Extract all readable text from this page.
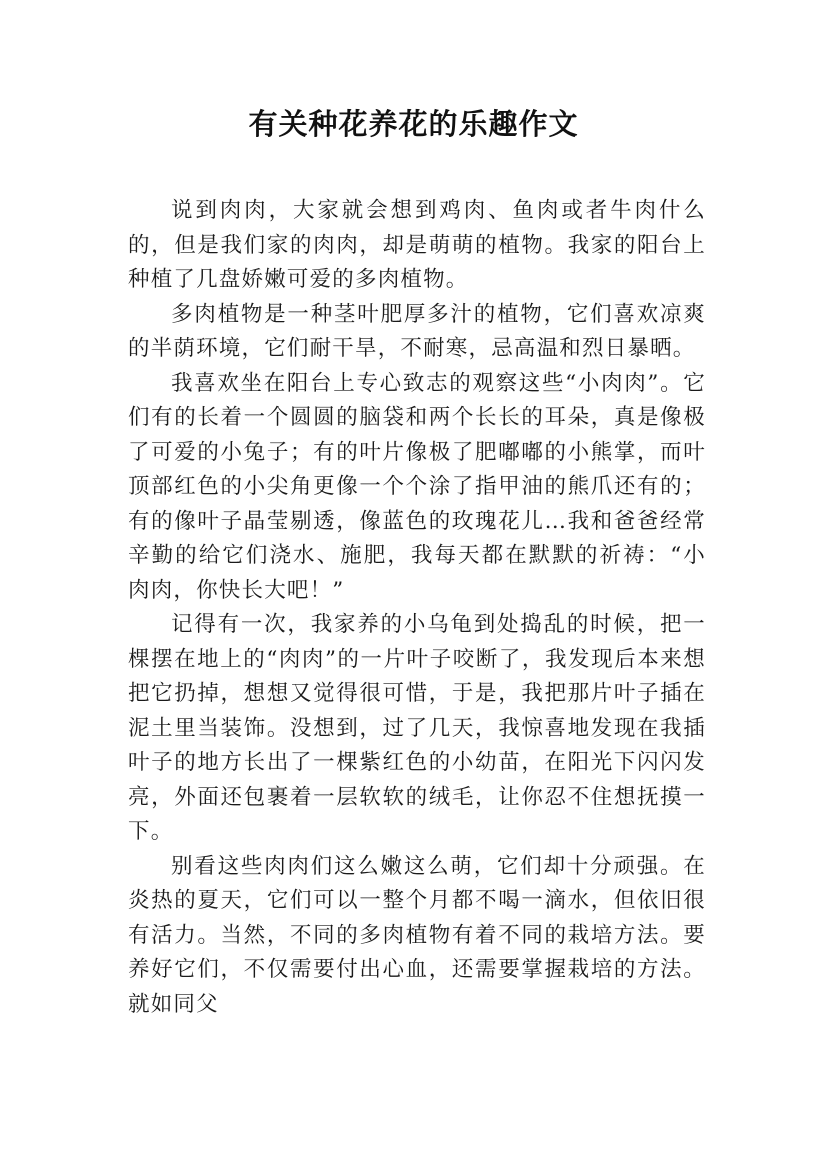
有关种花养花的乐趣作文

说到肉肉，大家就会想到鸡肉、鱼肉或者牛肉什么的，但是我们家的肉肉，却是萌萌的植物。我家的阳台上种植了几盘娇嫩可爱的多肉植物。

多肉植物是一种茎叶肥厚多汁的植物，它们喜欢凉爽的半荫环境，它们耐干旱，不耐寒，忌高温和烈日暴晒。

我喜欢坐在阳台上专心致志的观察这些“小肉肉”。它们有的长着一个圆圆的脑袋和两个长长的耳朵，真是像极了可爱的小兔子；有的叶片像极了肥嘟嘟的小熊掌，而叶顶部红色的小尖角更像一个个涂了指甲油的熊爪还有的；有的像叶子晶莹剔透，像蓝色的玫瑰花儿…我和爸爸经常辛勤的给它们浇水、施肥，我每天都在默默的祈祷：“小肉肉，你快长大吧！”

记得有一次，我家养的小乌龟到处捣乱的时候，把一棵摆在地上的“肉肉”的一片叶子咬断了，我发现后本来想把它扔掉，想想又觉得很可惜，于是，我把那片叶子插在泥土里当装饰。没想到，过了几天，我惊喜地发现在我插叶子的地方长出了一棵紫红色的小幼苗，在阳光下闪闪发亮，外面还包裹着一层软软的绒毛，让你忍不住想抚摸一下。

别看这些肉肉们这么嫩这么萌，它们却十分顽强。在炎热的夏天，它们可以一整个月都不喝一滴水，但依旧很有活力。当然，不同的多肉植物有着不同的栽培方法。要养好它们，不仅需要付出心血，还需要掌握栽培的方法。就如同父
